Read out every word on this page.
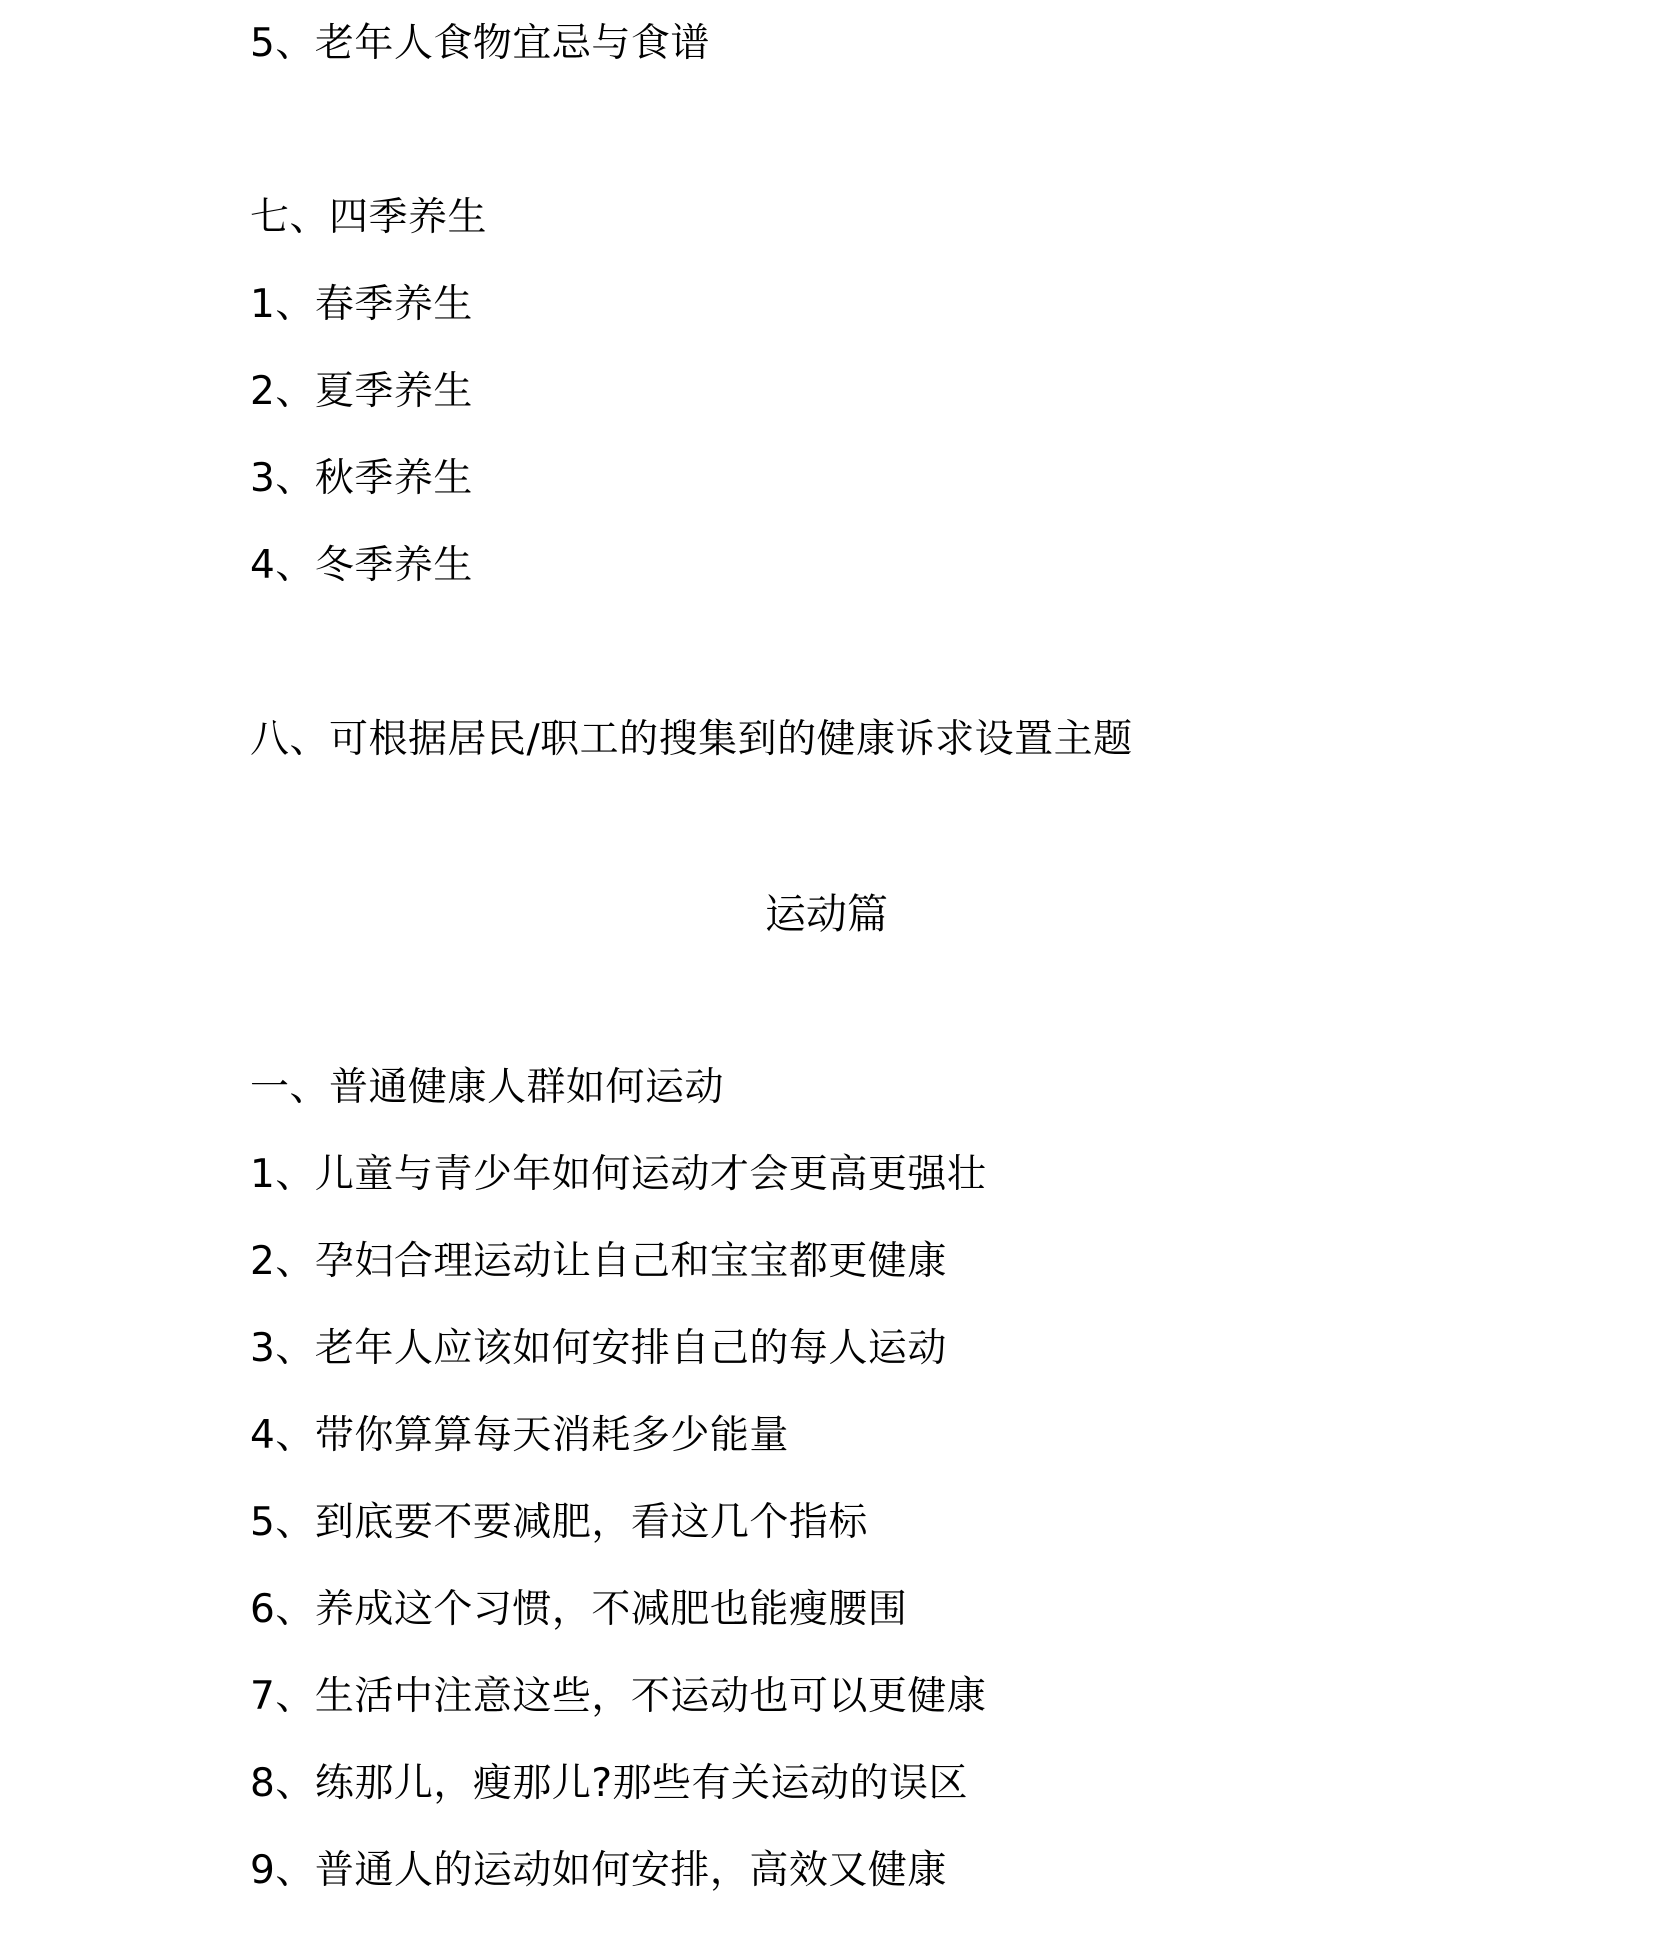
5、老年人食物宜忌与食谱
七、四季养生
1、春季养生
2、夏季养生
3、秋季养生
4、冬季养生
八、可根据居民/职工的搜集到的健康诉求设置主题
运动篇
一、普通健康人群如何运动
1、儿童与青少年如何运动才会更高更强壮
2、孕妇合理运动让自己和宝宝都更健康
3、老年人应该如何安排自己的每人运动
4、带你算算每天消耗多少能量
5、到底要不要减肥，看这几个指标
6、养成这个习惯，不减肥也能瘦腰围
7、生活中注意这些，不运动也可以更健康
8、练那儿，瘦那儿?那些有关运动的误区
9、普通人的运动如何安排，高效又健康
